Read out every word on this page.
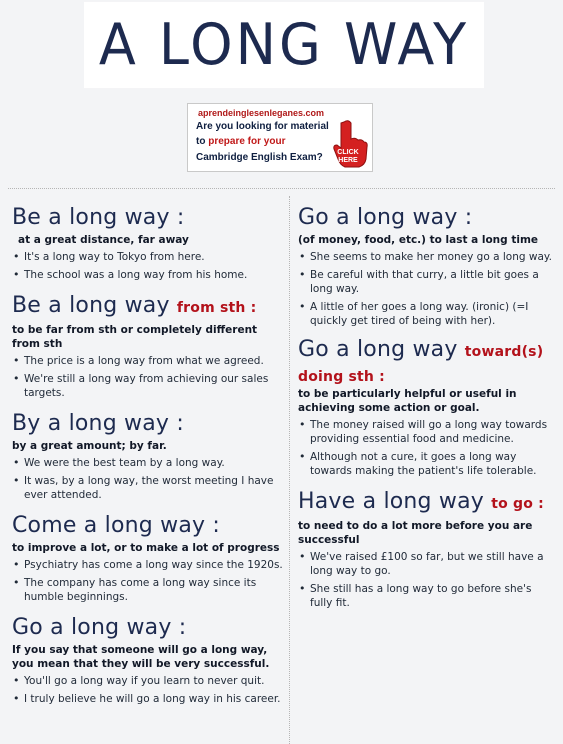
A LONG WAY
aprendeinglesenleganes.com
Are you looking for material
to prepare for your
Cambridge English Exam?	CLICK
HERE
Be a long way :
at a great distance, far away
• It's a long way to Tokyo from here.
• The school was a long way from his home.
Be a long way from sth :
to be far from sth or completely different from sth
• The price is a long way from what we agreed.
• We're still a long way from achieving our sales targets.
By a long way :
by a great amount; by far.
• We were the best team by a long way.
• It was, by a long way, the worst meeting I have ever attended.
Come a long way :
to improve a lot, or to make a lot of progress
• Psychiatry has come a long way since the 1920s.
• The company has come a long way since its humble beginnings.
Go a long way :
If you say that someone will go a long way, you mean that they will be very successful.
• You'll go a long way if you learn to never quit.
• I truly believe he will go a long way in his career.
Go a long way :
(of money, food, etc.) to last a long time
• She seems to make her money go a long way.
• Be careful with that curry, a little bit goes a long way.
• A little of her goes a long way. (ironic) (=I quickly get tired of being with her).
Go a long way toward(s)
doing sth :
to be particularly helpful or useful in achieving some action or goal.
• The money raised will go a long way towards providing essential food and medicine.
• Although not a cure, it goes a long way towards making the patient's life tolerable.
Have a long way to go :
to need to do a lot more before you are successful
• We've raised £100 so far, but we still have a long way to go.
• She still has a long way to go before she's fully fit.
